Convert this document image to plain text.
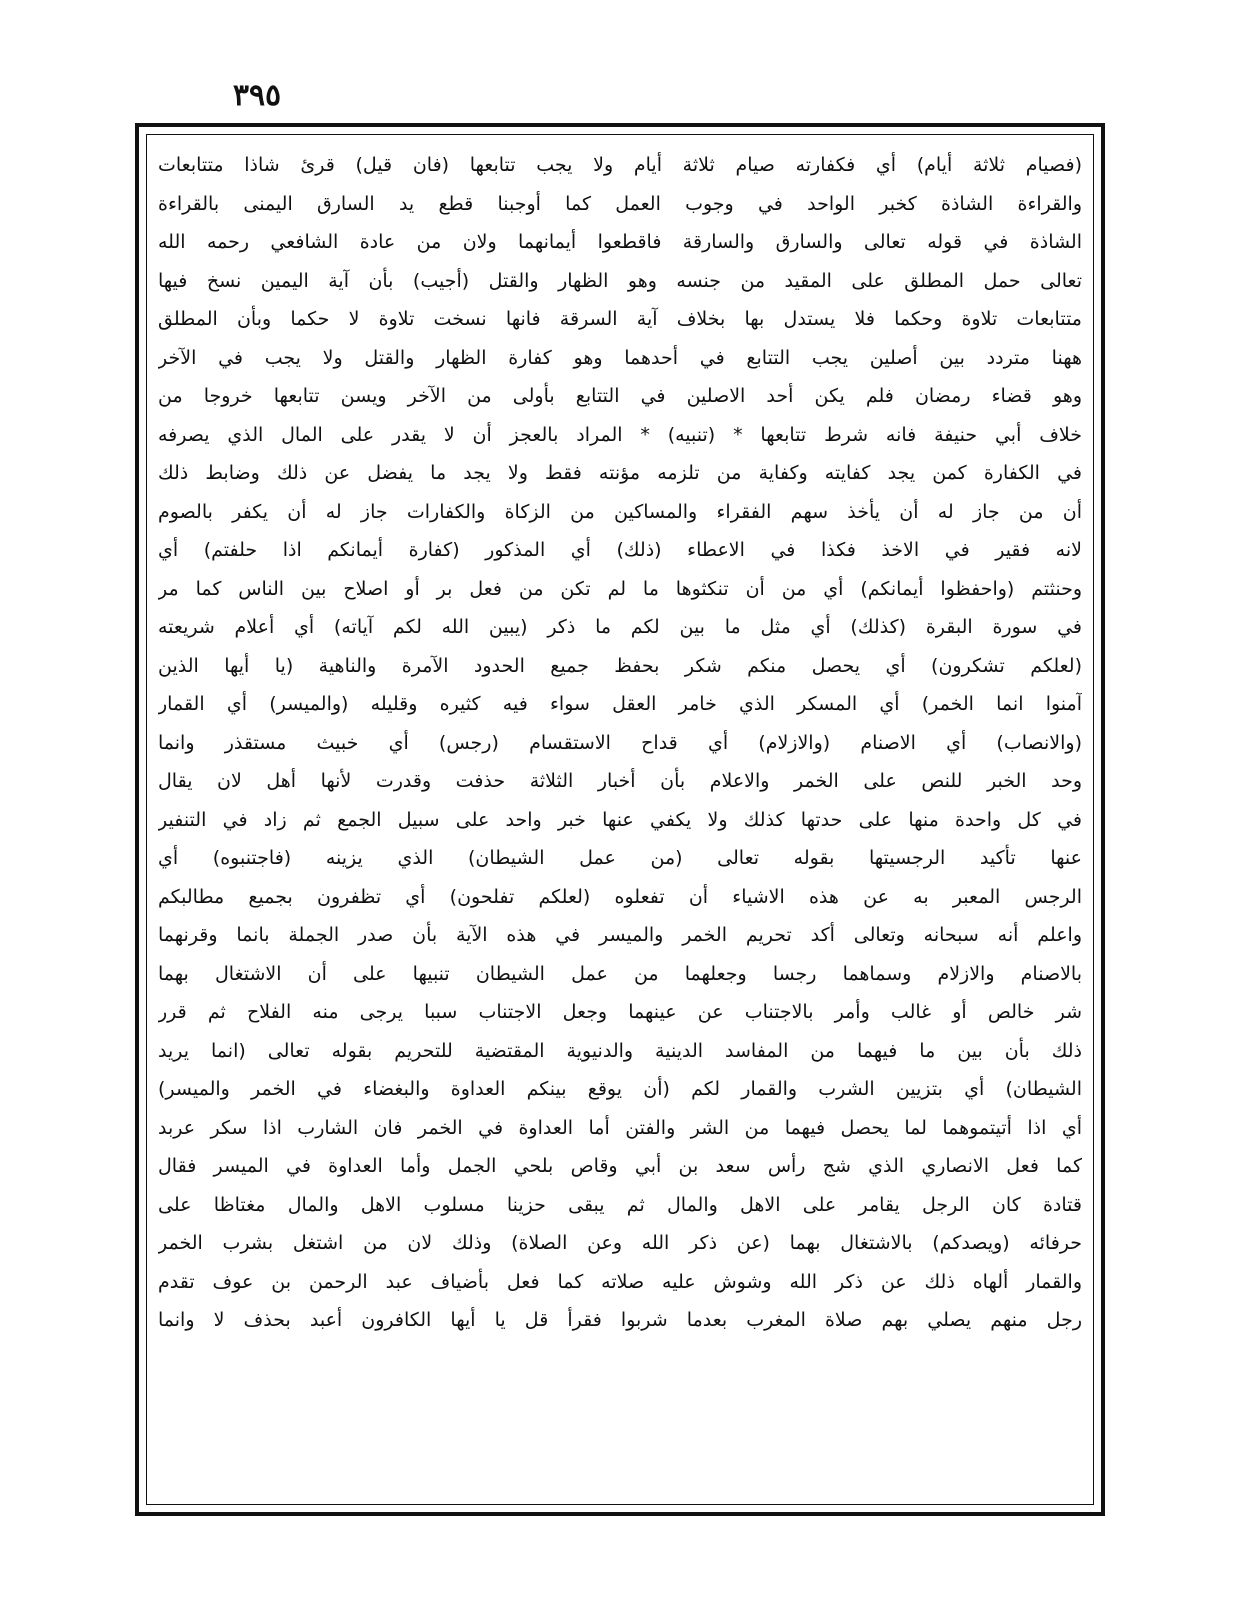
٣٩٥
(فصيام ثلاثة أيام) أي فكفارته صيام ثلاثة أيام ولا يجب تتابعها (فان قيل) قرئ شاذا متتابعات
والقراءة الشاذة كخبر الواحد في وجوب العمل كما أوجبنا قطع يد السارق اليمنى بالقراءة
الشاذة في قوله تعالى والسارق والسارقة فاقطعوا أيمانهما ولان من عادة الشافعي رحمه الله
تعالى حمل المطلق على المقيد من جنسه وهو الظهار والقتل (أجيب) بأن آية اليمين نسخ فيها
متتابعات تلاوة وحكما فلا يستدل بها بخلاف آية السرقة فانها نسخت تلاوة لا حكما وبأن المطلق
ههنا متردد بين أصلين يجب التتابع في أحدهما وهو كفارة الظهار والقتل ولا يجب في الآخر
وهو قضاء رمضان فلم يكن أحد الاصلين في التتابع بأولى من الآخر ويسن تتابعها خروجا من
خلاف أبي حنيفة فانه شرط تتابعها * (تنبيه) * المراد بالعجز أن لا يقدر على المال الذي يصرفه
في الكفارة كمن يجد كفايته وكفاية من تلزمه مؤنته فقط ولا يجد ما يفضل عن ذلك وضابط ذلك
أن من جاز له أن يأخذ سهم الفقراء والمساكين من الزكاة والكفارات جاز له أن يكفر بالصوم
لانه فقير في الاخذ فكذا في الاعطاء (ذلك) أي المذكور (كفارة أيمانكم اذا حلفتم) أي
وحنثتم (واحفظوا أيمانكم) أي من أن تنكثوها ما لم تكن من فعل بر أو اصلاح بين الناس كما مر
في سورة البقرة (كذلك) أي مثل ما بين لكم ما ذكر (يبين الله لكم آياته) أي أعلام شريعته
(لعلكم تشكرون) أي يحصل منكم شكر بحفظ جميع الحدود الآمرة والناهية (يا أيها الذين
آمنوا انما الخمر) أي المسكر الذي خامر العقل سواء فيه كثيره وقليله (والميسر) أي القمار
(والانصاب) أي الاصنام (والازلام) أي قداح الاستقسام (رجس) أي خبيث مستقذر وانما
وحد الخبر للنص على الخمر والاعلام بأن أخبار الثلاثة حذفت وقدرت لأنها أهل لان يقال
في كل واحدة منها على حدتها كذلك ولا يكفي عنها خبر واحد على سبيل الجمع ثم زاد في التنفير
عنها تأكيد الرجسيتها بقوله تعالى (من عمل الشيطان) الذي يزينه (فاجتنبوه) أي
الرجس المعبر به عن هذه الاشياء أن تفعلوه (لعلكم تفلحون) أي تظفرون بجميع مطالبكم
واعلم أنه سبحانه وتعالى أكد تحريم الخمر والميسر في هذه الآية بأن صدر الجملة بانما وقرنهما
بالاصنام والازلام وسماهما رجسا وجعلهما من عمل الشيطان تنبيها على أن الاشتغال بهما
شر خالص أو غالب وأمر بالاجتناب عن عينهما وجعل الاجتناب سببا يرجى منه الفلاح ثم قرر
ذلك بأن بين ما فيهما من المفاسد الدينية والدنيوية المقتضية للتحريم بقوله تعالى (انما يريد
الشيطان) أي بتزيين الشرب والقمار لكم (أن يوقع بينكم العداوة والبغضاء في الخمر والميسر)
أي اذا أتيتموهما لما يحصل فيهما من الشر والفتن أما العداوة في الخمر فان الشارب اذا سكر عربد
كما فعل الانصاري الذي شج رأس سعد بن أبي وقاص بلحي الجمل وأما العداوة في الميسر فقال
قتادة كان الرجل يقامر على الاهل والمال ثم يبقى حزينا مسلوب الاهل والمال مغتاظا على
حرفائه (ويصدكم) بالاشتغال بهما (عن ذكر الله وعن الصلاة) وذلك لان من اشتغل بشرب الخمر
والقمار ألهاه ذلك عن ذكر الله وشوش عليه صلاته كما فعل بأضياف عبد الرحمن بن عوف تقدم
رجل منهم يصلي بهم صلاة المغرب بعدما شربوا فقرأ قل يا أيها الكافرون أعبد بحذف لا وانما
